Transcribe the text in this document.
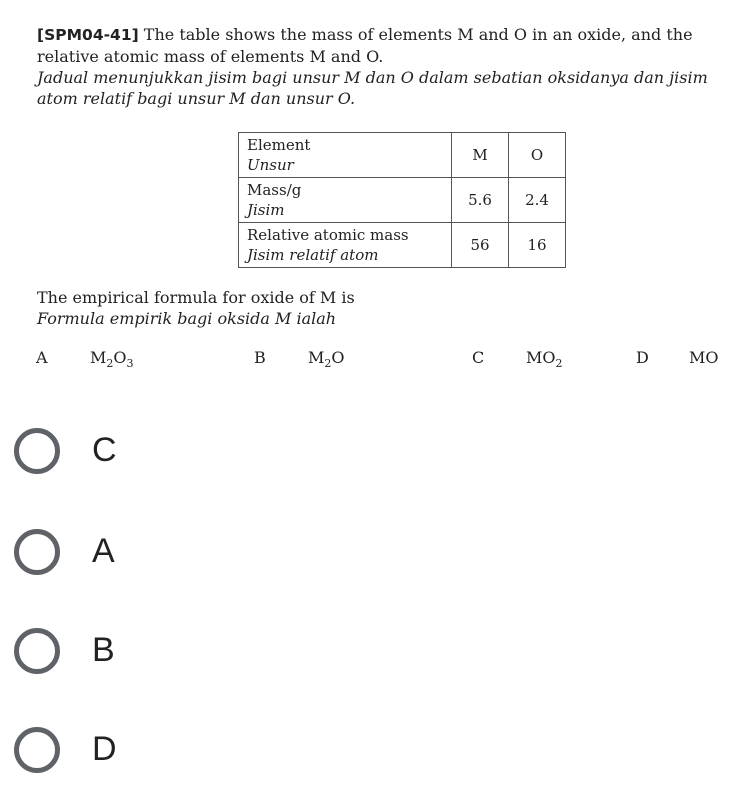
[SPM04-41] The table shows the mass of elements M and O in an oxide, and the relative atomic mass of elements M and O.
Jadual menunjukkan jisim bagi unsur M dan O dalam sebatian oksidanya dan jisim atom relatif bagi unsur M dan unsur O.
Element
Unsur	M	O
Mass/g
Jisim	5.6	2.4
Relative atomic mass
Jisim relatif atom	56	16
The empirical formula for oxide of M is
Formula empirik bagi oksida M ialah
A	$M_2O_3$	B	$M_2O$	C	$MO_2$	D	MO
C
A
B
D
